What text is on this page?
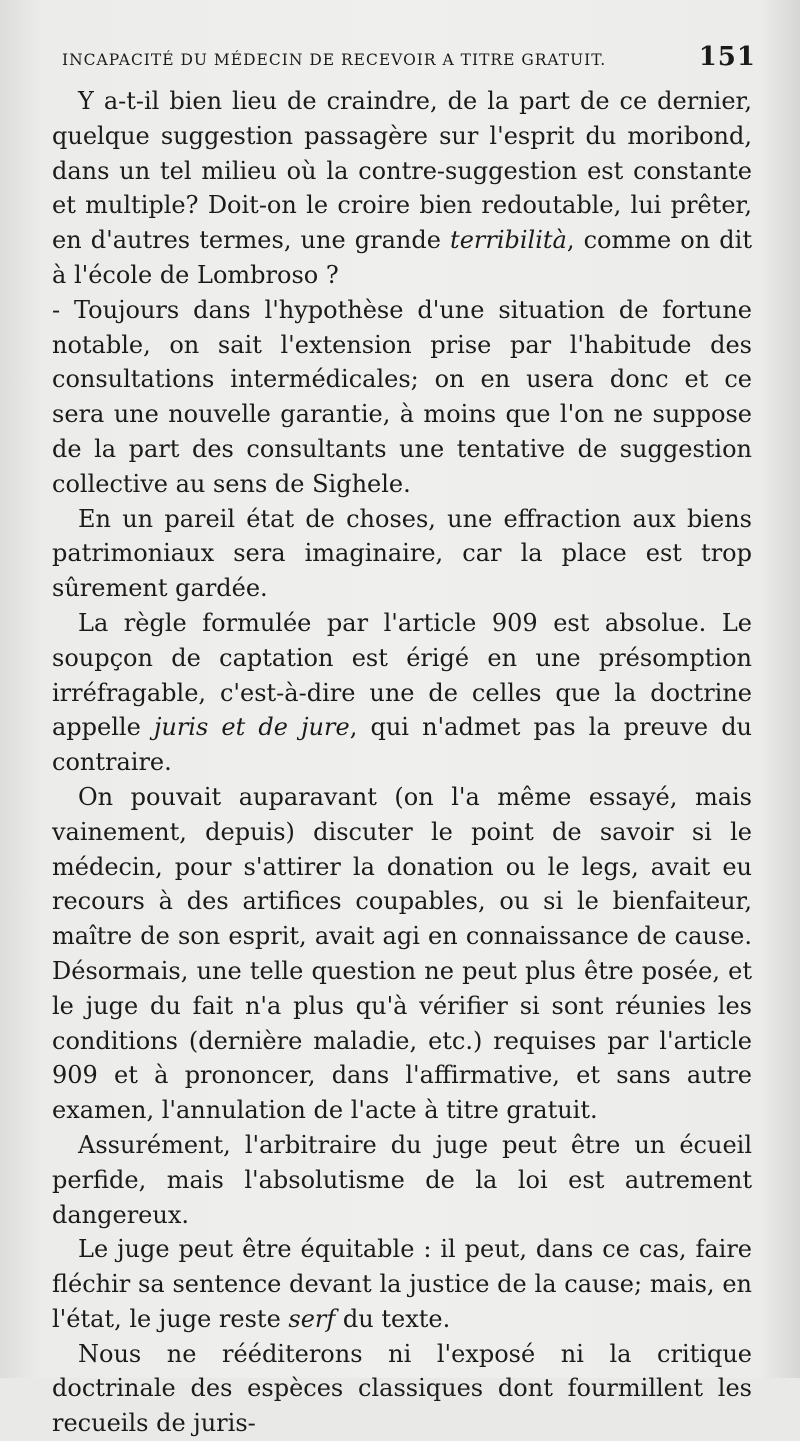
INCAPACITÉ DU MÉDECIN DE RECEVOIR A TITRE GRATUIT.	151

Y a-t-il bien lieu de craindre, de la part de ce dernier, quelque suggestion passagère sur l'esprit du moribond, dans un tel milieu où la contre-suggestion est constante et multiple? Doit-on le croire bien redoutable, lui prêter, en d'autres termes, une grande terribilità, comme on dit à l'école de Lombroso ?

- Toujours dans l'hypothèse d'une situation de fortune notable, on sait l'extension prise par l'habitude des consultations intermédicales; on en usera donc et ce sera une nouvelle garantie, à moins que l'on ne suppose de la part des consultants une tentative de suggestion collective au sens de Sighele.

En un pareil état de choses, une effraction aux biens patrimoniaux sera imaginaire, car la place est trop sûrement gardée.

La règle formulée par l'article 909 est absolue. Le soupçon de captation est érigé en une présomption irréfragable, c'est-à-dire une de celles que la doctrine appelle juris et de jure, qui n'admet pas la preuve du contraire.

On pouvait auparavant (on l'a même essayé, mais vainement, depuis) discuter le point de savoir si le médecin, pour s'attirer la donation ou le legs, avait eu recours à des artifices coupables, ou si le bienfaiteur, maître de son esprit, avait agi en connaissance de cause. Désormais, une telle question ne peut plus être posée, et le juge du fait n'a plus qu'à vérifier si sont réunies les conditions (dernière maladie, etc.) requises par l'article 909 et à prononcer, dans l'affirmative, et sans autre examen, l'annulation de l'acte à titre gratuit.

Assurément, l'arbitraire du juge peut être un écueil perfide, mais l'absolutisme de la loi est autrement dangereux.

Le juge peut être équitable : il peut, dans ce cas, faire fléchir sa sentence devant la justice de la cause; mais, en l'état, le juge reste serf du texte.

Nous ne rééditerons ni l'exposé ni la critique doctrinale des espèces classiques dont fourmillent les recueils de juris-
